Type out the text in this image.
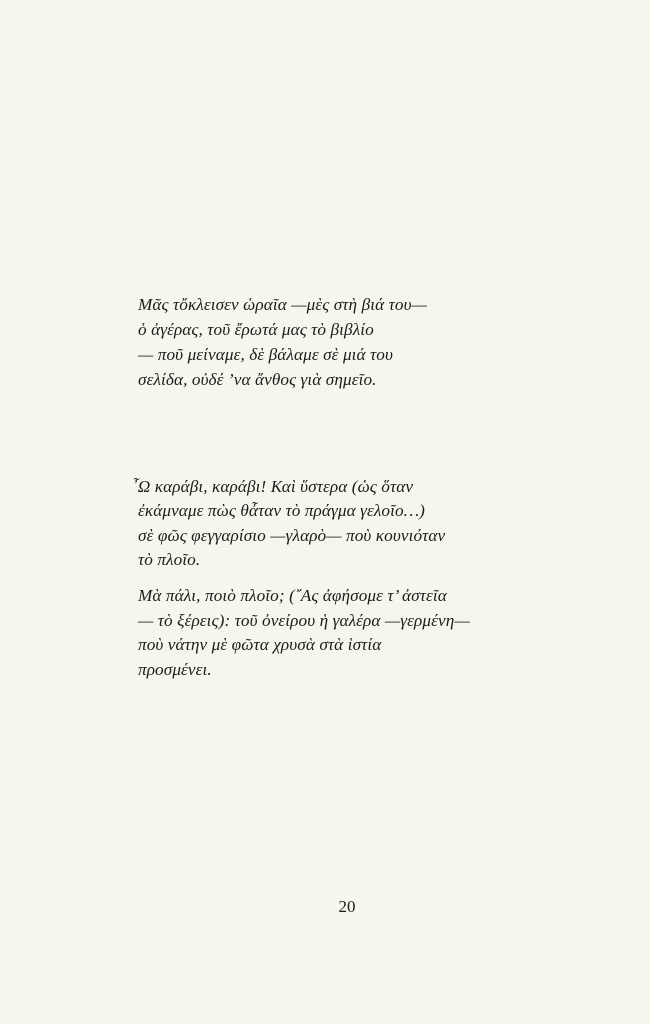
Μᾶς τὄκλεισεν ὡραῖα —μὲς στὴ βιά του—
ὁ ἀγέρας, τοῦ ἔρωτά μας τὸ βιβλίο
— ποῦ μείναμε, δὲ βάλαμε σὲ μιά του
σελίδα, οὐδέ ’να ἄνθος γιὰ σημεῖο.
῏Ω καράβι, καράβι! Καὶ ὕστερα (ὡς ὅταν
ἐκάμναμε πὼς θἆταν τὸ πράγμα γελοῖο…)
σὲ φῶς φεγγαρίσιο —γλαρὸ— ποὺ κουνιόταν
τὸ πλοῖο.
Μὰ πάλι, ποιὸ πλοῖο; (῎Ας ἀφήσομε τ’ ἀστεῖα
— τὸ ξέρεις): τοῦ ὀνείρου ἡ γαλέρα —γερμένη—
ποὺ νάτην μὲ φῶτα χρυσὰ στὰ ἱστία
προσμένει.
20
